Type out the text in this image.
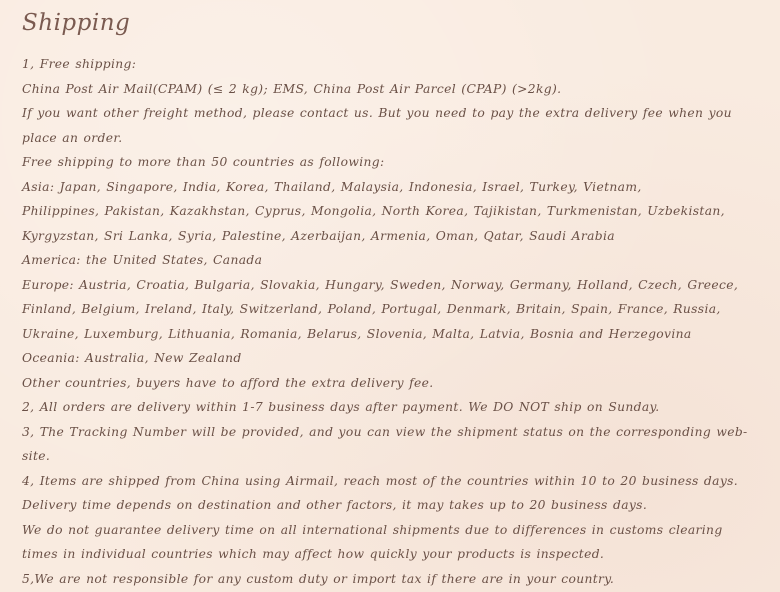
Shipping
1, Free shipping:
China Post Air Mail(CPAM) (≤ 2 kg); EMS, China Post Air Parcel (CPAP) (>2kg).
If you want other freight method, please contact us. But you need to pay the extra delivery fee when you
place an order.
Free shipping to more than 50 countries as following:
Asia: Japan, Singapore, India, Korea, Thailand, Malaysia, Indonesia, Israel, Turkey, Vietnam,
Philippines, Pakistan, Kazakhstan, Cyprus, Mongolia, North Korea, Tajikistan, Turkmenistan, Uzbekistan,
Kyrgyzstan, Sri Lanka, Syria, Palestine, Azerbaijan, Armenia, Oman, Qatar, Saudi Arabia
America: the United States, Canada
Europe: Austria, Croatia, Bulgaria, Slovakia, Hungary, Sweden, Norway, Germany, Holland, Czech, Greece,
Finland, Belgium, Ireland, Italy, Switzerland, Poland, Portugal, Denmark, Britain, Spain, France, Russia,
Ukraine, Luxemburg, Lithuania, Romania, Belarus, Slovenia, Malta, Latvia, Bosnia and Herzegovina
Oceania: Australia, New Zealand
Other countries, buyers have to afford the extra delivery fee.
2, All orders are delivery within 1-7 business days after payment. We DO NOT ship on Sunday.
3, The Tracking Number will be provided, and you can view the shipment status on the corresponding web-
site.
4, Items are shipped from China using Airmail, reach most of the countries within 10 to 20 business days.
Delivery time depends on destination and other factors, it may takes up to 20 business days.
We do not guarantee delivery time on all international shipments due to differences in customs clearing
times in individual countries which may affect how quickly your products is inspected.
5,We are not responsible for any custom duty or import tax if there are in your country.
